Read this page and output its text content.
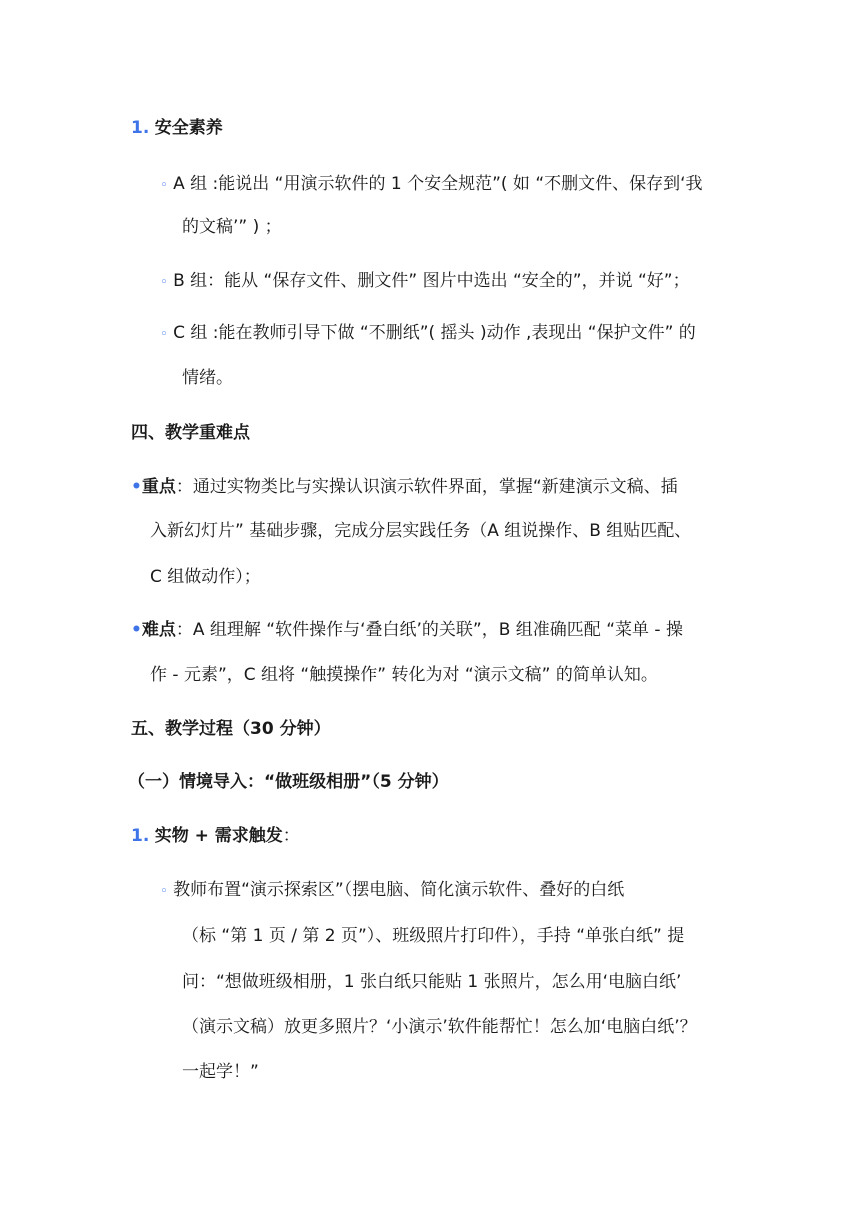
1. 安全素养
◦ A 组 :能说出 “用演示软件的 1 个安全规范”( 如 “不删文件、保存到‘我
的文稿’” ) ；
◦ B 组：能从 “保存文件、删文件” 图片中选出 “安全的”，并说 “好”；
◦ C 组 :能在教师引导下做 “不删纸”( 摇头 )动作 ,表现出 “保护文件” 的
情绪。
四、教学重难点
•重点：通过实物类比与实操认识演示软件界面，掌握“新建演示文稿、插
入新幻灯片” 基础步骤，完成分层实践任务（A 组说操作、B 组贴匹配、
C 组做动作）；
•难点：A 组理解 “软件操作与‘叠白纸’的关联”，B 组准确匹配 “菜单 - 操
作 - 元素”，C 组将 “触摸操作” 转化为对 “演示文稿” 的简单认知。
五、教学过程（30 分钟）
（一）情境导入：“做班级相册”（5 分钟）
1. 实物 + 需求触发：
◦ 教师布置“演示探索区”（摆电脑、简化演示软件、叠好的白纸
（标 “第 1 页 / 第 2 页”）、班级照片打印件），手持 “单张白纸” 提
问：“想做班级相册，1 张白纸只能贴 1 张照片，怎么用‘电脑白纸’
（演示文稿）放更多照片？‘小演示’软件能帮忙！怎么加‘电脑白纸’？
一起学！”
